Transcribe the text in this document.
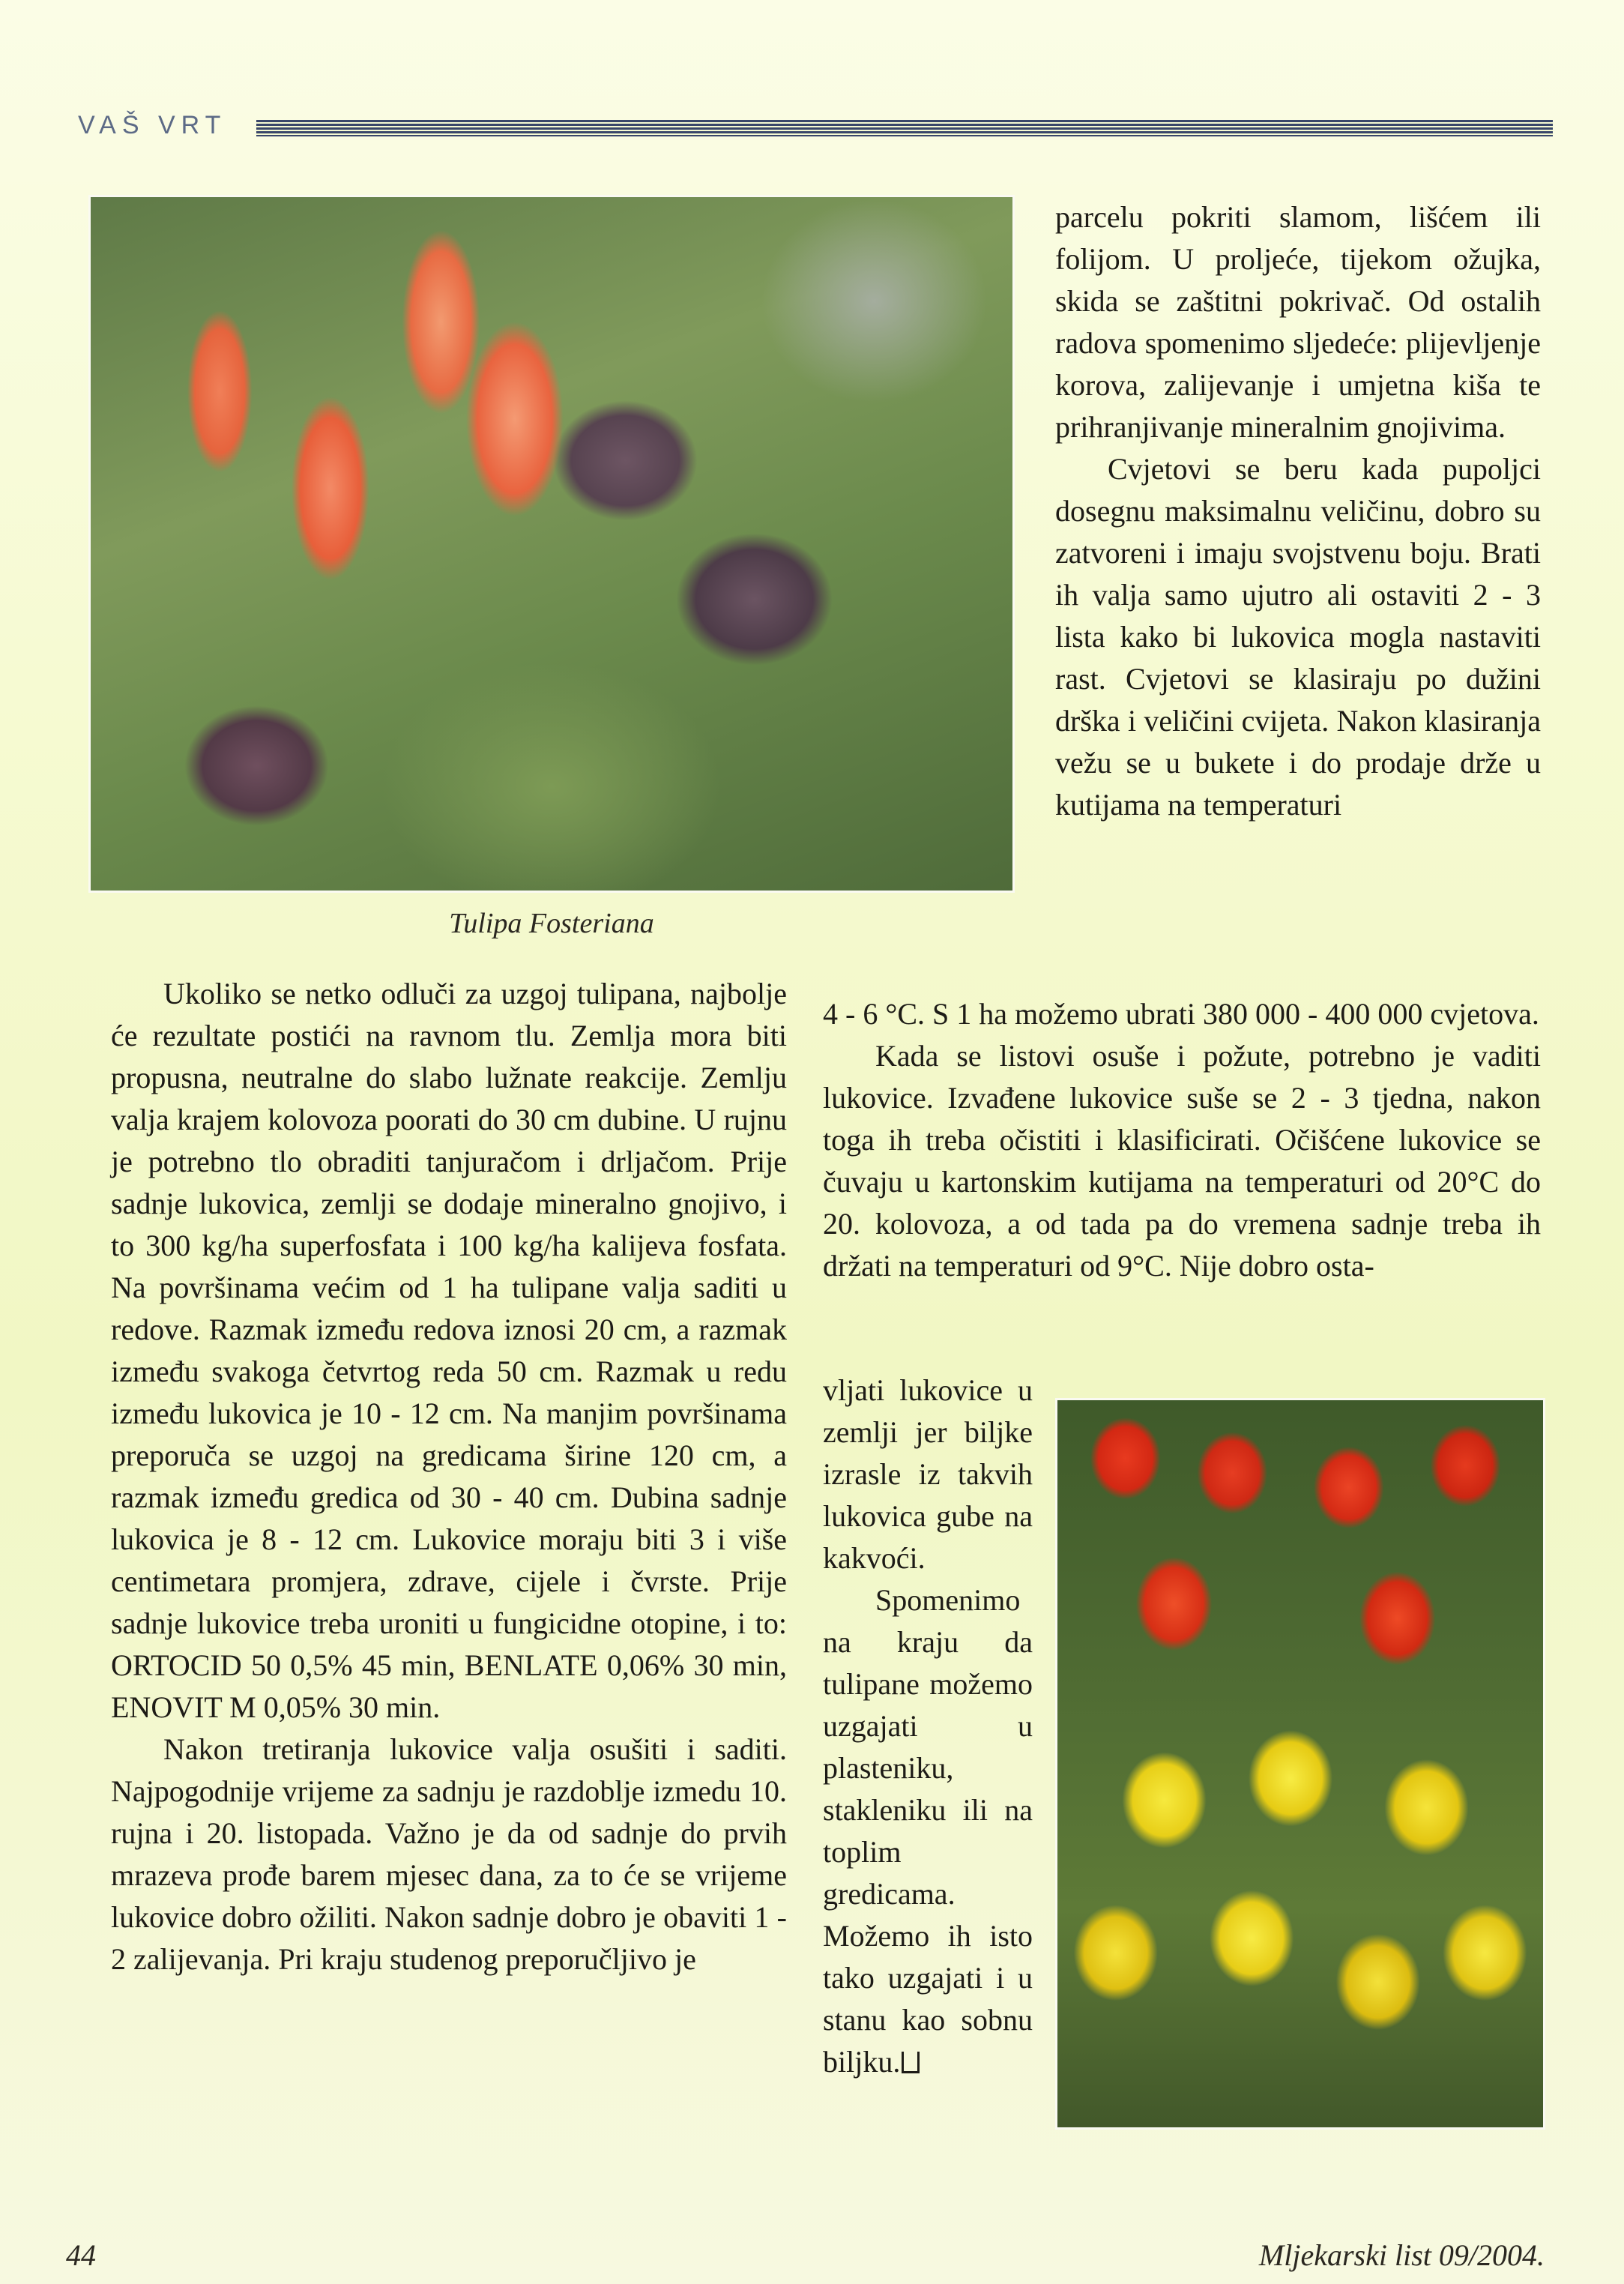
VAŠ VRT
Tulipa Fosteriana

parcelu pokriti slamom, lišćem ili folijom. U proljeće, tijekom ožujka, skida se zaštitni pokrivač. Od ostalih radova spomenimo sljedeće: plijevljenje korova, zalijevanje i umjetna kiša te prihranjivanje mineralnim gnojivima.

Cvjetovi se beru kada pupoljci dosegnu maksimalnu veličinu, dobro su zatvoreni i imaju svojstvenu boju. Brati ih valja samo ujutro ali ostaviti 2 - 3 lista kako bi lukovica mogla nastaviti rast. Cvjetovi se klasiraju po dužini drška i veličini cvijeta. Nakon klasiranja vežu se u bukete i do prodaje drže u kutijama na temperaturi

4 - 6 °C. S 1 ha možemo ubrati 380 000 - 400 000 cvjetova.

Kada se listovi osuše i požute, potrebno je vaditi lukovice. Izvađene lukovice suše se 2 - 3 tjedna, nakon toga ih treba očistiti i klasificirati. Očišćene lukovice se čuvaju u kartonskim kutijama na temperaturi od 20°C do 20. kolovoza, a od tada pa do vremena sadnje treba ih držati na temperaturi od 9°C. Nije dobro osta-

Ukoliko se netko odluči za uzgoj tulipana, najbolje će rezultate postići na ravnom tlu. Zemlja mora biti propusna, neutralne do slabo lužnate reakcije. Zemlju valja krajem kolovoza poorati do 30 cm dubine. U rujnu je potrebno tlo obraditi tanjuračom i drljačom. Prije sadnje lukovica, zemlji se dodaje mineralno gnojivo, i to 300 kg/ha superfosfata i 100 kg/ha kalijeva fosfata. Na površinama većim od 1 ha tulipane valja saditi u redove. Razmak između redova iznosi 20 cm, a razmak između svakoga četvrtog reda 50 cm. Razmak u redu između lukovica je 10 - 12 cm. Na manjim površinama preporuča se uzgoj na gredicama širine 120 cm, a razmak između gredica od 30 - 40 cm. Dubina sadnje lukovica je 8 - 12 cm. Lukovice moraju biti 3 i više centimetara promjera, zdrave, cijele i čvrste. Prije sadnje lukovice treba uroniti u fungicidne otopine, i to: ORTOCID 50 0,5% 45 min, BENLATE 0,06% 30 min, ENOVIT M 0,05% 30 min.

Nakon tretiranja lukovice valja osušiti i saditi. Najpogodnije vrijeme za sadnju je razdoblje izmedu 10. rujna i 20. listopada. Važno je da od sadnje do prvih mrazeva prođe barem mjesec dana, za to će se vrijeme lukovice dobro ožiliti. Nakon sadnje dobro je obaviti 1 - 2 zalijevanja. Pri kraju studenog preporučljivo je

vljati lukovice u zemlji jer biljke izrasle iz takvih lukovica gube na kakvoći.

Spomenimo na kraju da tulipane možemo uzgajati u plasteniku, stakleniku ili na toplim gredicama. Možemo ih isto tako uzgajati i u stanu kao sobnu biljku.

44	Mljekarski list 09/2004.
